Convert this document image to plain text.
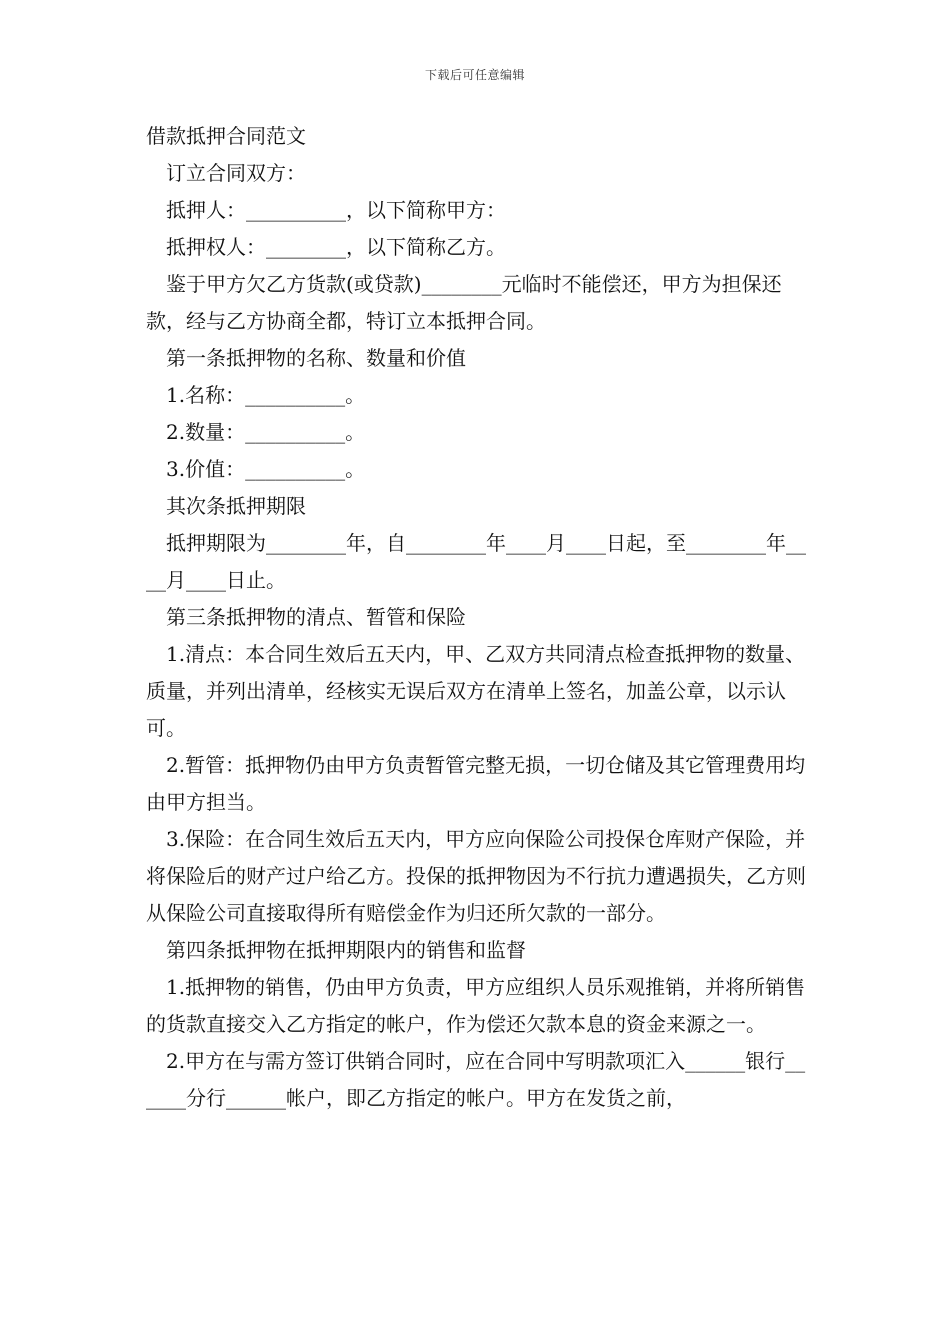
下载后可任意编辑

借款抵押合同范文

订立合同双方：

抵押人：__________，以下简称甲方：

抵押权人：________，以下简称乙方。

鉴于甲方欠乙方货款(或贷款)________元临时不能偿还，甲方为担保还款，经与乙方协商全都，特订立本抵押合同。

第一条抵押物的名称、数量和价值

1.名称：__________。

2.数量：__________。

3.价值：__________。

其次条抵押期限

抵押期限为________年，自________年____月____日起，至________年____月____日止。

第三条抵押物的清点、暂管和保险

1.清点：本合同生效后五天内，甲、乙双方共同清点检查抵押物的数量、质量，并列出清单，经核实无误后双方在清单上签名，加盖公章，以示认可。

2.暂管：抵押物仍由甲方负责暂管完整无损，一切仓储及其它管理费用均由甲方担当。

3.保险：在合同生效后五天内，甲方应向保险公司投保仓库财产保险，并将保险后的财产过户给乙方。投保的抵押物因为不行抗力遭遇损失，乙方则从保险公司直接取得所有赔偿金作为归还所欠款的一部分。

第四条抵押物在抵押期限内的销售和监督

1.抵押物的销售，仍由甲方负责，甲方应组织人员乐观推销，并将所销售的货款直接交入乙方指定的帐户，作为偿还欠款本息的资金来源之一。

2.甲方在与需方签订供销合同时，应在合同中写明款项汇入______银行______分行______帐户，即乙方指定的帐户。甲方在发货之前，
